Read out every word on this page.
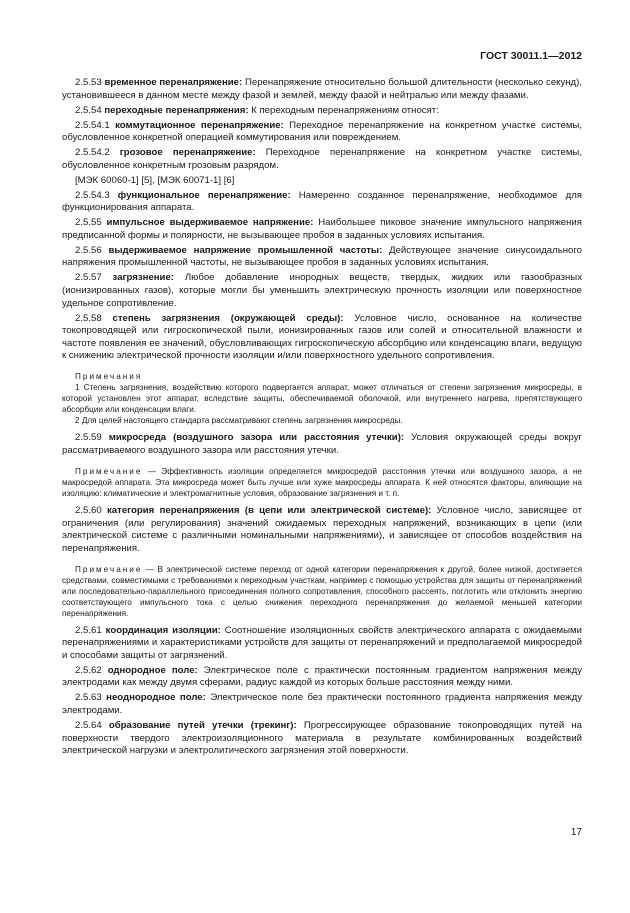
ГОСТ 30011.1—2012

2.5.53 временное перенапряжение: Перенапряжение относительно большой длительности (несколько секунд), установившееся в данном месте между фазой и землей, между фазой и нейтралью или между фазами.

2.5.54 переходные перенапряжения: К переходным перенапряжениям относят:

2.5.54.1 коммутационное перенапряжение: Переходное перенапряжение на конкретном участке системы, обусловленное конкретной операцией коммутирования или повреждением.

2.5.54.2 грозовое перенапряжение: Переходное перенапряжение на конкретном участке системы, обусловленное конкретным грозовым разрядом.

[МЭК 60060-1] [5], [МЭК 60071-1] [6]

2.5.54.3 функциональное перенапряжение: Намеренно созданное перенапряжение, необходимое для функционирования аппарата.

2.5.55 импульсное выдерживаемое напряжение: Наибольшее пиковое значение импульсного напряжения предписанной формы и полярности, не вызывающее пробоя в заданных условиях испытания.

2.5.56 выдерживаемое напряжение промышленной частоты: Действующее значение синусоидального напряжения промышленной частоты, не вызывающее пробоя в заданных условиях испытания.

2.5.57 загрязнение: Любое добавление инородных веществ, твердых, жидких или газообразных (ионизированных газов), которые могли бы уменьшить электрическую прочность изоляции или поверхностное удельное сопротивление.

2.5.58 степень загрязнения (окружающей среды): Условное число, основанное на количестве токопроводящей или гигроскопической пыли, ионизированных газов или солей и относительной влажности и частоте появления ее значений, обусловливающих гигроскопическую абсорбцию или конденсацию влаги, ведущую к снижению электрической прочности изоляции и/или поверхностного удельного сопротивления.

Примечания

1 Степень загрязнения, воздействию которого подвергается аппарат, может отличаться от степени загрязнения микросреды, в которой установлен этот аппарат, вследствие защиты, обеспечиваемой оболочкой, или внутреннего нагрева, препятствующего абсорбции или конденсации влаги.

2 Для целей настоящего стандарта рассматривают степень загрязнения микросреды.

2.5.59 микросреда (воздушного зазора или расстояния утечки): Условия окружающей среды вокруг рассматриваемого воздушного зазора или расстояния утечки.

Примечание — Эффективность изоляции определяется микросредой расстояния утечки или воздушного зазора, а не макросредой аппарата. Эта микросреда может быть лучше или хуже макросреды аппарата. К ней относятся факторы, влияющие на изоляцию: климатические и электромагнитные условия, образование загрязнения и т. п.

2.5.60 категория перенапряжения (в цепи или электрической системе): Условное число, зависящее от ограничения (или регулирования) значений ожидаемых переходных напряжений, возникающих в цепи (или электрической системе с различными номинальными напряжениями), и зависящее от способов воздействия на перенапряжения.

Примечание — В электрической системе переход от одной категории перенапряжения к другой, более низкой, достигается средствами, совместимыми с требованиями к переходным участкам, например с помощью устройства для защиты от перенапряжений или последовательно-параллельного присоединения полного сопротивления, способного рассеять, поглотить или отклонить энергию соответствующего импульсного тока с целью снижения переходного перенапряжения до желаемой меньшей категории перенапряжения.

2.5.61 координация изоляции: Соотношение изоляционных свойств электрического аппарата с ожидаемыми перенапряжениями и характеристиками устройств для защиты от перенапряжений и предполагаемой микросредой и способами защиты от загрязнений.

2.5.62 однородное поле: Электрическое поле с практически постоянным градиентом напряжения между электродами как между двумя сферами, радиус каждой из которых больше расстояния между ними.

2.5.63 неоднородное поле: Электрическое поле без практически постоянного градиента напряжения между электродами.

2.5.64 образование путей утечки (трекинг): Прогрессирующее образование токопроводящих путей на поверхности твердого электроизоляционного материала в результате комбинированных воздействий электрической нагрузки и электролитического загрязнения этой поверхности.

17
